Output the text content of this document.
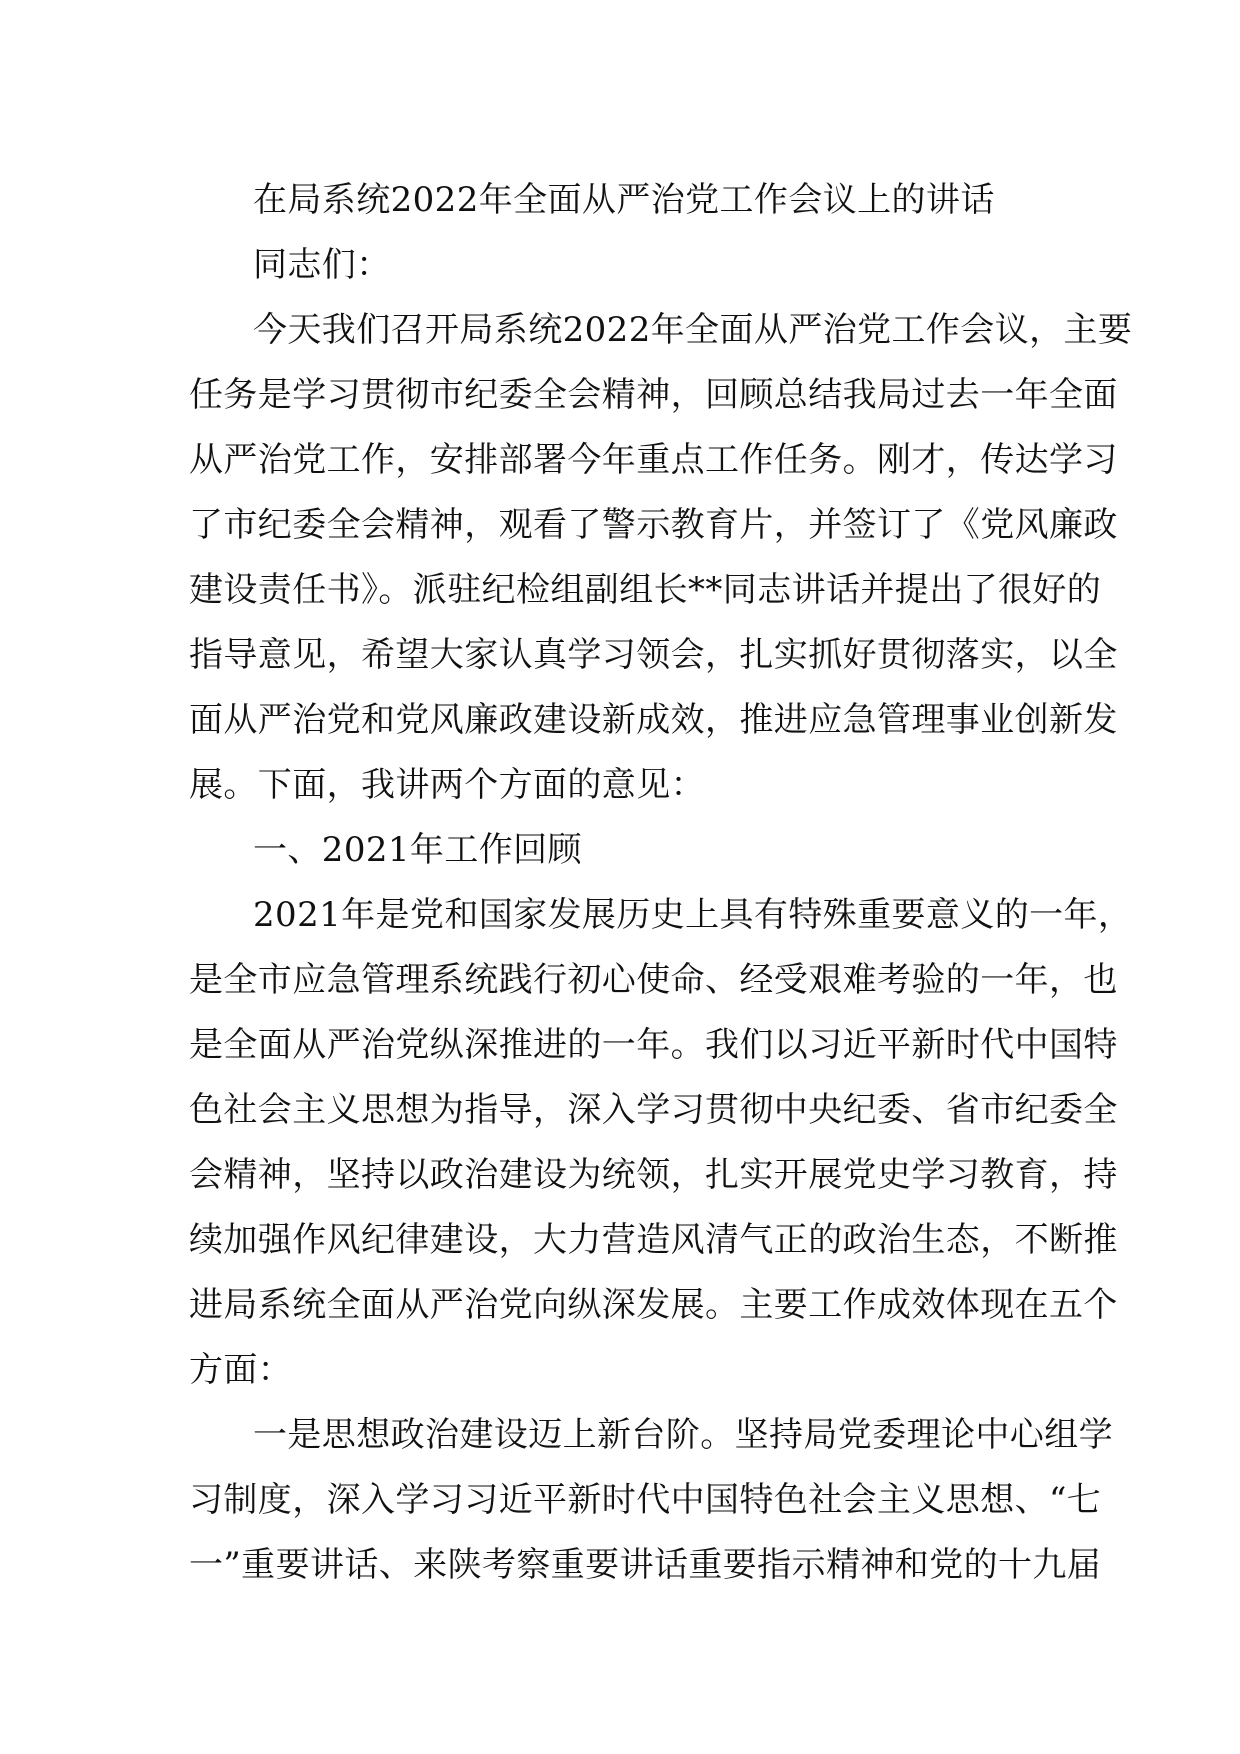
在局系统2022年全面从严治党工作会议上的讲话
同志们：
今天我们召开局系统2022年全面从严治党工作会议，主要
任务是学习贯彻市纪委全会精神，回顾总结我局过去一年全面
从严治党工作，安排部署今年重点工作任务。刚才，传达学习
了市纪委全会精神，观看了警示教育片，并签订了《党风廉政
建设责任书》。派驻纪检组副组长**同志讲话并提出了很好的
指导意见，希望大家认真学习领会，扎实抓好贯彻落实，以全
面从严治党和党风廉政建设新成效，推进应急管理事业创新发
展。下面，我讲两个方面的意见：
一、2021年工作回顾
2021年是党和国家发展历史上具有特殊重要意义的一年，
是全市应急管理系统践行初心使命、经受艰难考验的一年，也
是全面从严治党纵深推进的一年。我们以习近平新时代中国特
色社会主义思想为指导，深入学习贯彻中央纪委、省市纪委全
会精神，坚持以政治建设为统领，扎实开展党史学习教育，持
续加强作风纪律建设，大力营造风清气正的政治生态，不断推
进局系统全面从严治党向纵深发展。主要工作成效体现在五个
方面：
一是思想政治建设迈上新台阶。坚持局党委理论中心组学
习制度，深入学习习近平新时代中国特色社会主义思想、“七
一”重要讲话、来陕考察重要讲话重要指示精神和党的十九届
